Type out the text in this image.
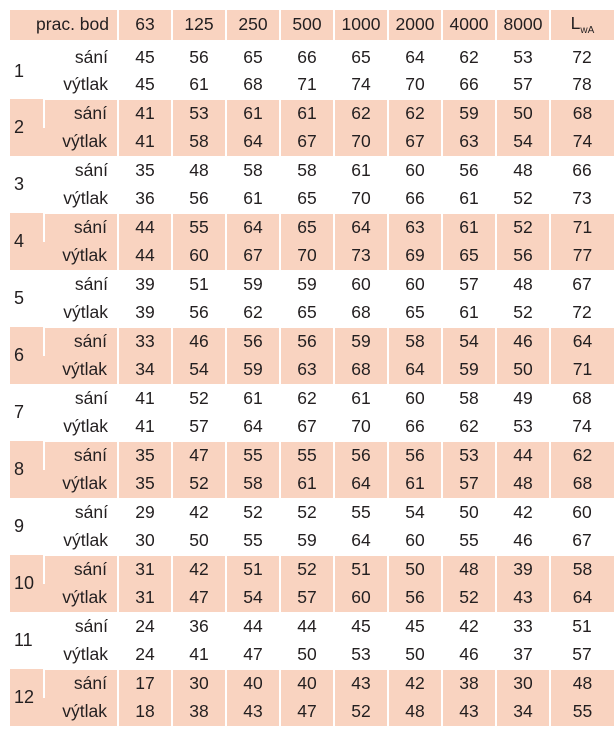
prac. bod		63	125	250	500	1000	2000	4000	8000	$L_{wA}$
1	sání	45	56	65	66	65	64	62	53	72
	výtlak	45	61	68	71	74	70	66	57	78
2	sání	41	53	61	61	62	62	59	50	68
	výtlak	41	58	64	67	70	67	63	54	74
3	sání	35	48	58	58	61	60	56	48	66
	výtlak	36	56	61	65	70	66	61	52	73
4	sání	44	55	64	65	64	63	61	52	71
	výtlak	44	60	67	70	73	69	65	56	77
5	sání	39	51	59	59	60	60	57	48	67
	výtlak	39	56	62	65	68	65	61	52	72
6	sání	33	46	56	56	59	58	54	46	64
	výtlak	34	54	59	63	68	64	59	50	71
7	sání	41	52	61	62	61	60	58	49	68
	výtlak	41	57	64	67	70	66	62	53	74
8	sání	35	47	55	55	56	56	53	44	62
	výtlak	35	52	58	61	64	61	57	48	68
9	sání	29	42	52	52	55	54	50	42	60
	výtlak	30	50	55	59	64	60	55	46	67
10	sání	31	42	51	52	51	50	48	39	58
	výtlak	31	47	54	57	60	56	52	43	64
11	sání	24	36	44	44	45	45	42	33	51
	výtlak	24	41	47	50	53	50	46	37	57
12	sání	17	30	40	40	43	42	38	30	48
	výtlak	18	38	43	47	52	48	43	34	55
